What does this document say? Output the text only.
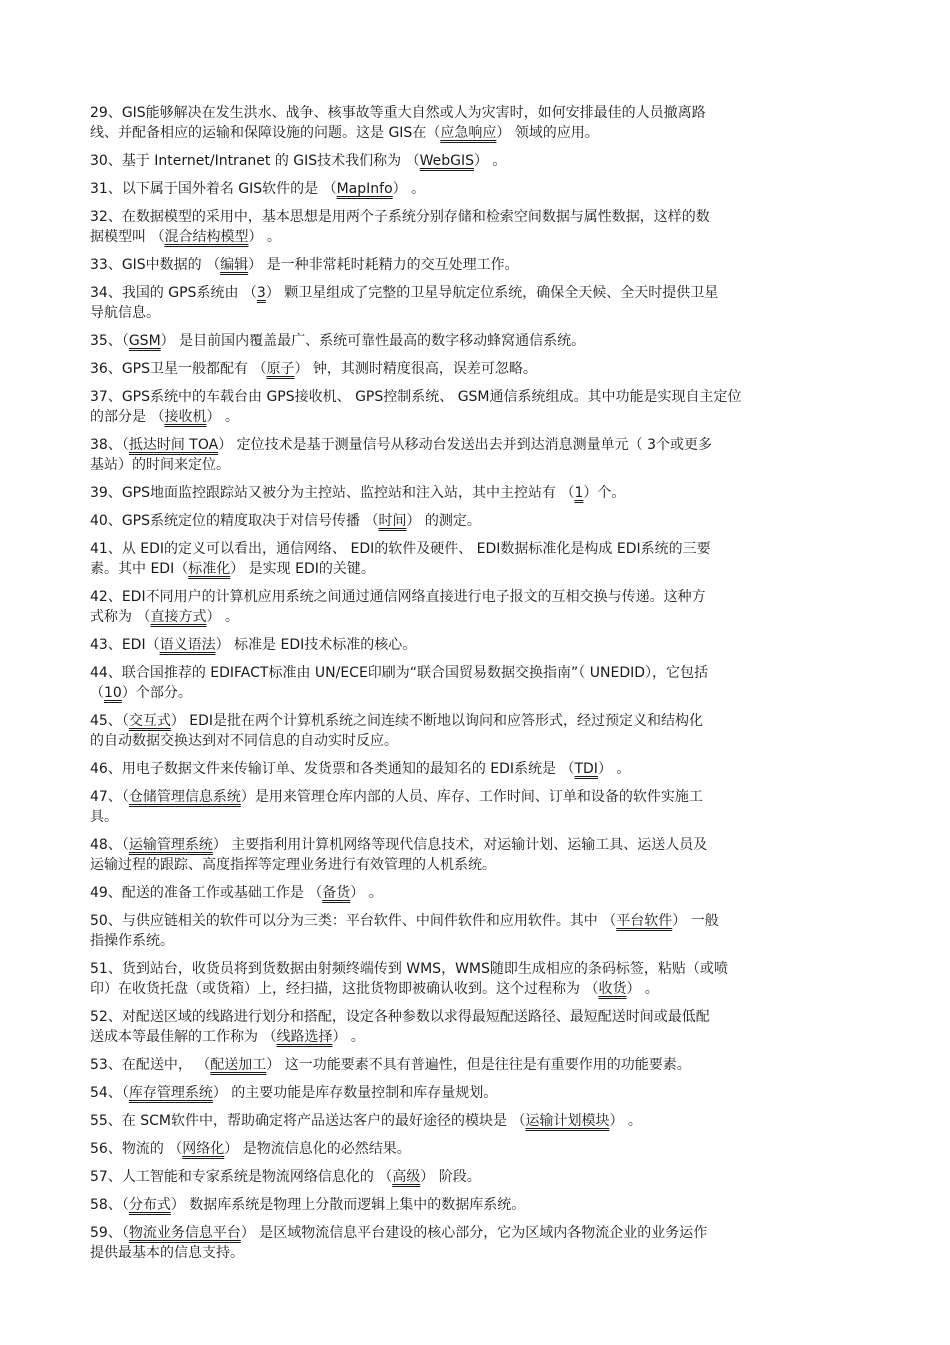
29、GIS能够解决在发生洪水、战争、核事故等重大自然或人为灾害时，如何安排最佳的人员撤离路
线、并配备相应的运输和保障设施的问题。这是 GIS在（应急响应） 领域的应用。
30、基于 Internet/Intranet 的 GIS技术我们称为 （WebGIS） 。
31、以下属于国外着名 GIS软件的是 （MapInfo） 。
32、在数据模型的采用中，基本思想是用两个子系统分别存储和检索空间数据与属性数据，这样的数
据模型叫 （混合结构模型） 。
33、GIS中数据的 （编辑） 是一种非常耗时耗精力的交互处理工作。
34、我国的 GPS系统由 （3） 颗卫星组成了完整的卫星导航定位系统，确保全天候、全天时提供卫星
导航信息。
35、（GSM） 是目前国内覆盖最广、系统可靠性最高的数字移动蜂窝通信系统。
36、GPS卫星一般都配有 （原子） 钟，其测时精度很高，误差可忽略。
37、GPS系统中的车载台由 GPS接收机、 GPS控制系统、 GSM通信系统组成。其中功能是实现自主定位
的部分是 （接收机） 。
38、（抵达时间 TOA） 定位技术是基于测量信号从移动台发送出去并到达消息测量单元（ 3个或更多
基站）的时间来定位。
39、GPS地面监控跟踪站又被分为主控站、监控站和注入站，其中主控站有 （1）个。
40、GPS系统定位的精度取决于对信号传播 （时间） 的测定。
41、从 EDI的定义可以看出，通信网络、 EDI的软件及硬件、 EDI数据标准化是构成 EDI系统的三要
素。其中 EDI（标准化） 是实现 EDI的关键。
42、EDI不同用户的计算机应用系统之间通过通信网络直接进行电子报文的互相交换与传递。这种方
式称为 （直接方式） 。
43、EDI（语义语法） 标准是 EDI技术标准的核心。
44、联合国推荐的 EDIFACT标准由 UN/ECE印刷为“联合国贸易数据交换指南”（ UNEDID），它包括
（10）个部分。
45、（交互式） EDI是批在两个计算机系统之间连续不断地以询问和应答形式，经过预定义和结构化
的自动数据交换达到对不同信息的自动实时反应。
46、用电子数据文件来传输订单、发货票和各类通知的最知名的 EDI系统是 （TDI） 。
47、（仓储管理信息系统）是用来管理仓库内部的人员、库存、工作时间、订单和设备的软件实施工
具。
48、（运输管理系统） 主要指利用计算机网络等现代信息技术，对运输计划、运输工具、运送人员及
运输过程的跟踪、高度指挥等定理业务进行有效管理的人机系统。
49、配送的准备工作或基础工作是 （备货） 。
50、与供应链相关的软件可以分为三类：平台软件、中间件软件和应用软件。其中 （平台软件） 一般
指操作系统。
51、货到站台，收货员将到货数据由射频终端传到 WMS，WMS随即生成相应的条码标签，粘贴（或喷
印）在收货托盘（或货箱）上，经扫描，这批货物即被确认收到。这个过程称为 （收货） 。
52、对配送区域的线路进行划分和搭配，设定各种参数以求得最短配送路径、最短配送时间或最低配
送成本等最佳解的工作称为 （线路选择） 。
53、在配送中， （配送加工） 这一功能要素不具有普遍性，但是往往是有重要作用的功能要素。
54、（库存管理系统） 的主要功能是库存数量控制和库存量规划。
55、在 SCM软件中，帮助确定将产品送达客户的最好途径的模块是 （运输计划模块） 。
56、物流的 （网络化） 是物流信息化的必然结果。
57、人工智能和专家系统是物流网络信息化的 （高级） 阶段。
58、（分布式） 数据库系统是物理上分散而逻辑上集中的数据库系统。
59、（物流业务信息平台） 是区域物流信息平台建设的核心部分，它为区域内各物流企业的业务运作
提供最基本的信息支持。
